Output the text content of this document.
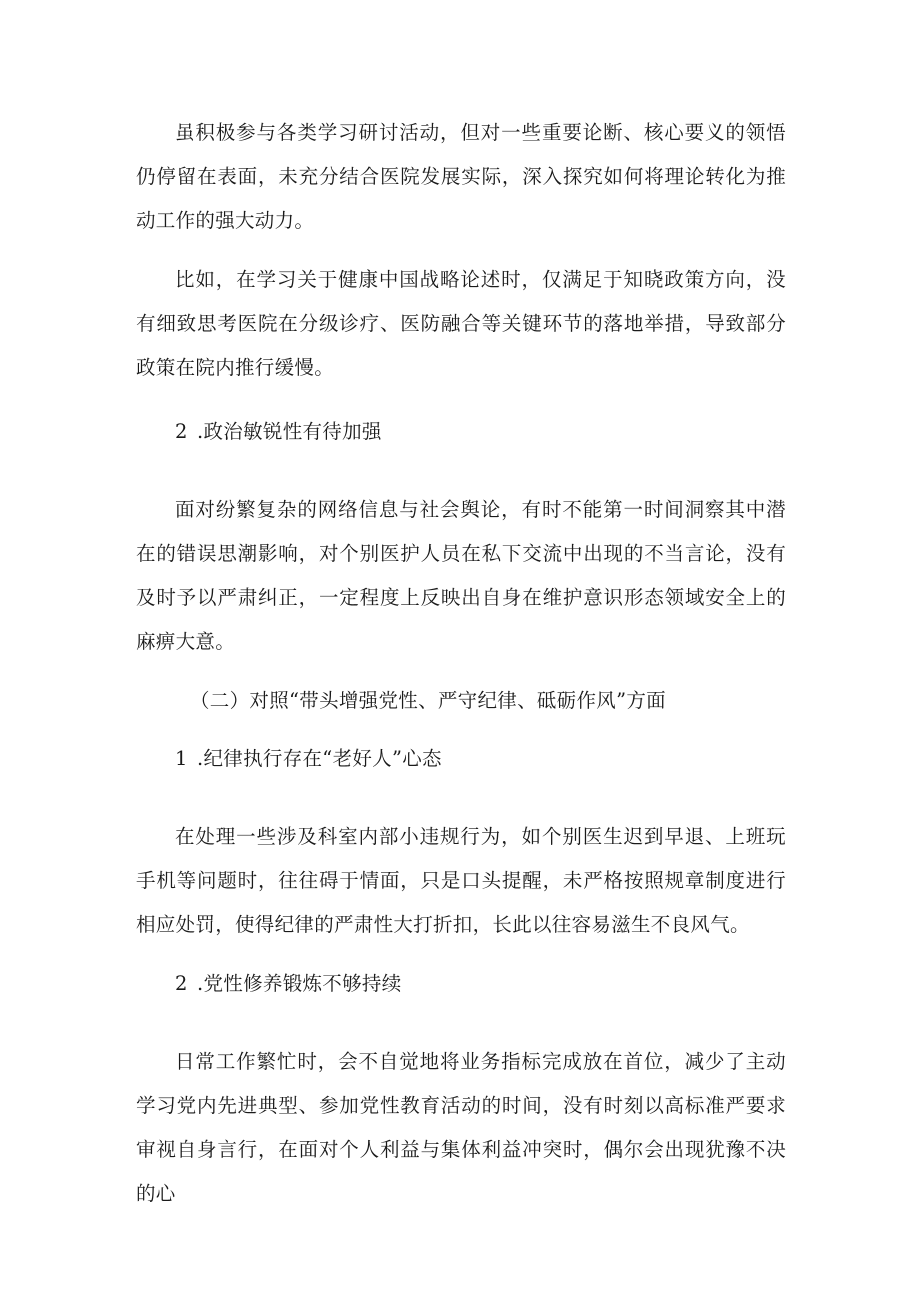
虽积极参与各类学习研讨活动，但对一些重要论断、核心要义的领悟仍停留在表面，未充分结合医院发展实际，深入探究如何将理论转化为推动工作的强大动力。

比如，在学习关于健康中国战略论述时，仅满足于知晓政策方向，没有细致思考医院在分级诊疗、医防融合等关键环节的落地举措，导致部分政策在院内推行缓慢。

2 .政治敏锐性有待加强

面对纷繁复杂的网络信息与社会舆论，有时不能第一时间洞察其中潜在的错误思潮影响，对个别医护人员在私下交流中出现的不当言论，没有及时予以严肃纠正，一定程度上反映出自身在维护意识形态领域安全上的麻痹大意。

（二）对照“带头增强党性、严守纪律、砥砺作风”方面

1 .纪律执行存在“老好人”心态

在处理一些涉及科室内部小违规行为，如个别医生迟到早退、上班玩手机等问题时，往往碍于情面，只是口头提醒，未严格按照规章制度进行相应处罚，使得纪律的严肃性大打折扣，长此以往容易滋生不良风气。

2 .党性修养锻炼不够持续

日常工作繁忙时，会不自觉地将业务指标完成放在首位，减少了主动学习党内先进典型、参加党性教育活动的时间，没有时刻以高标准严要求审视自身言行，在面对个人利益与集体利益冲突时，偶尔会出现犹豫不决的心
